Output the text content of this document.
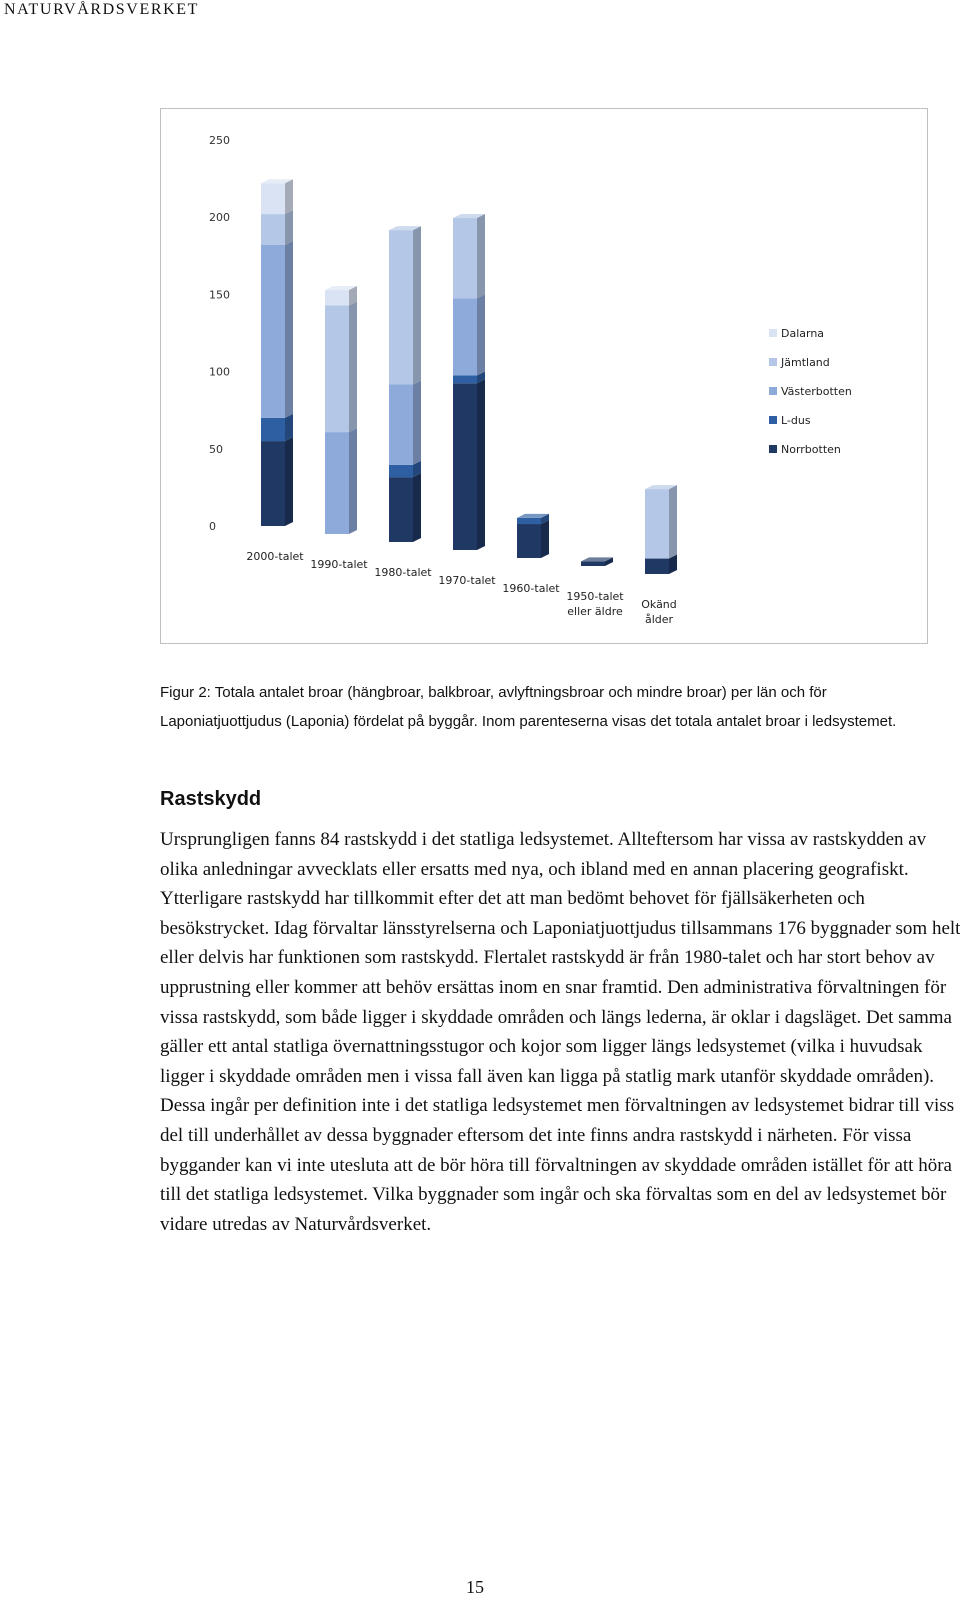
NATURVÅRDSVERKET
0
50
100
150
200
250
2000-talet
1990-talet
1980-talet
1970-talet
1960-talet
1950-talet
eller äldre
Okänd
ålder
Dalarna
Jämtland
Västerbotten
L-dus
Norrbotten
Figur 2: Totala antalet broar (hängbroar, balkbroar, avlyftningsbroar och mindre broar) per län och för Laponiatjuottjudus (Laponia) fördelat på byggår. Inom parenteserna visas det totala antalet broar i ledsystemet.
Rastskydd
Ursprungligen fanns 84 rastskydd i det statliga ledsystemet. Allteftersom har vissa av rastskydden av olika anledningar avvecklats eller ersatts med nya, och ibland med en annan placering geografiskt. Ytterligare rastskydd har tillkommit efter det att man bedömt behovet för fjällsäkerheten och besökstrycket. Idag förvaltar länsstyrelserna och Laponiatjuottjudus tillsammans 176 byggnader som helt eller delvis har funktionen som rastskydd. Flertalet rastskydd är från 1980-talet och har stort behov av upprustning eller kommer att behöv ersättas inom en snar framtid. Den administrativa förvaltningen för vissa rastskydd, som både ligger i skyddade områden och längs lederna, är oklar i dagsläget. Det samma gäller ett antal statliga övernattningsstugor och kojor som ligger längs ledsystemet (vilka i huvudsak ligger i skyddade områden men i vissa fall även kan ligga på statlig mark utanför skyddade områden). Dessa ingår per definition inte i det statliga ledsystemet men förvaltningen av ledsystemet bidrar till viss del till underhållet av dessa byggnader eftersom det inte finns andra rastskydd i närheten. För vissa byggander kan vi inte utesluta att de bör höra till förvaltningen av skyddade områden istället för att höra till det statliga ledsystemet. Vilka byggnader som ingår och ska förvaltas som en del av ledsystemet bör vidare utredas av Naturvårdsverket.
15
